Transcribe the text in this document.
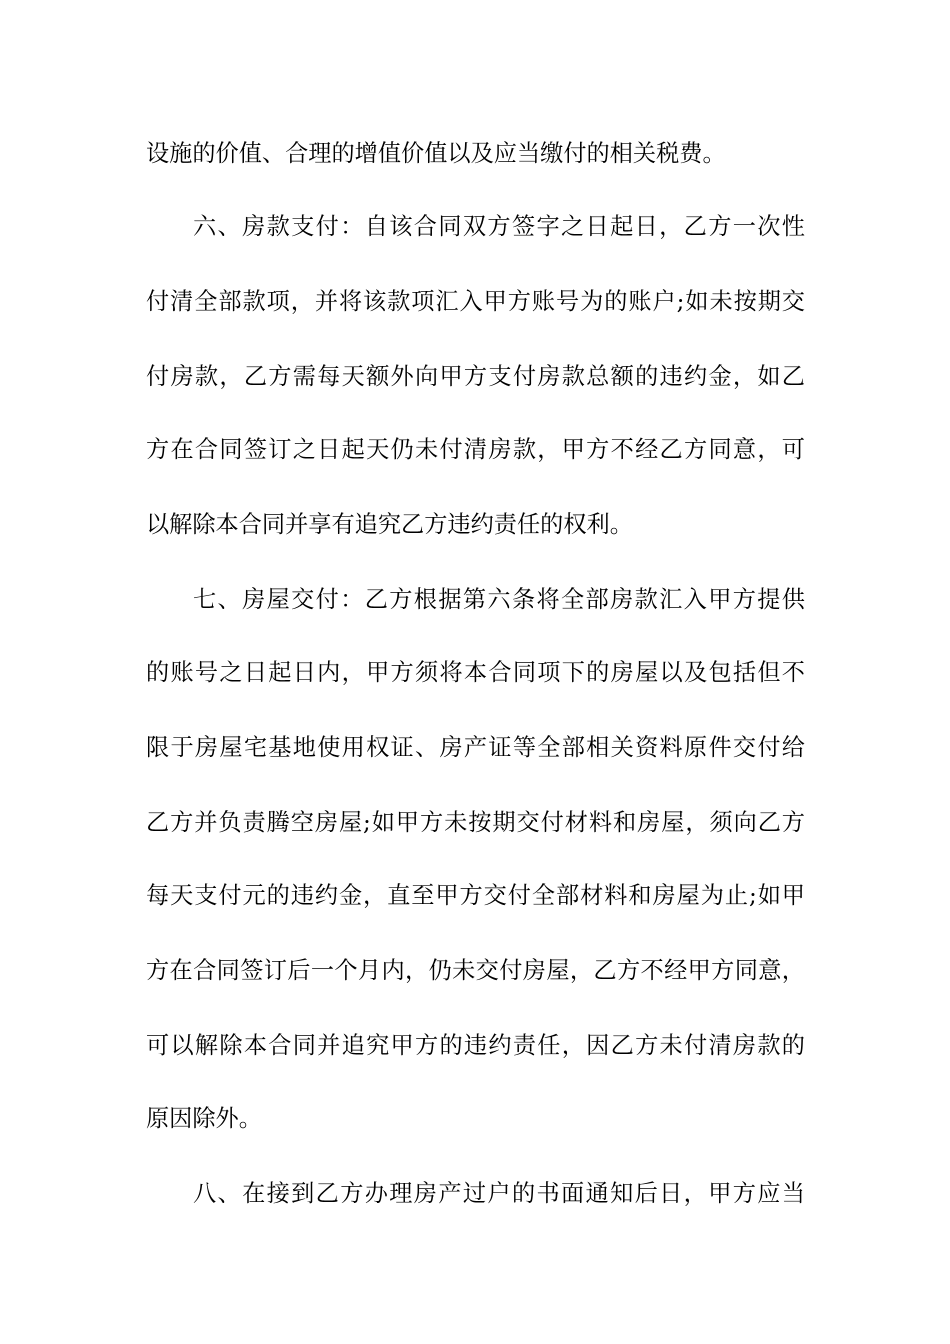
设施的价值、合理的增值价值以及应当缴付的相关税费。
六、房款支付：自该合同双方签字之日起日，乙方一次性
付清全部款项，并将该款项汇入甲方账号为的账户;如未按期交
付房款，乙方需每天额外向甲方支付房款总额的违约金，如乙
方在合同签订之日起天仍未付清房款，甲方不经乙方同意，可
以解除本合同并享有追究乙方违约责任的权利。
七、房屋交付：乙方根据第六条将全部房款汇入甲方提供
的账号之日起日内，甲方须将本合同项下的房屋以及包括但不
限于房屋宅基地使用权证、房产证等全部相关资料原件交付给
乙方并负责腾空房屋;如甲方未按期交付材料和房屋，须向乙方
每天支付元的违约金，直至甲方交付全部材料和房屋为止;如甲
方在合同签订后一个月内，仍未交付房屋，乙方不经甲方同意，
可以解除本合同并追究甲方的违约责任，因乙方未付清房款的
原因除外。
八、在接到乙方办理房产过户的书面通知后日，甲方应当
